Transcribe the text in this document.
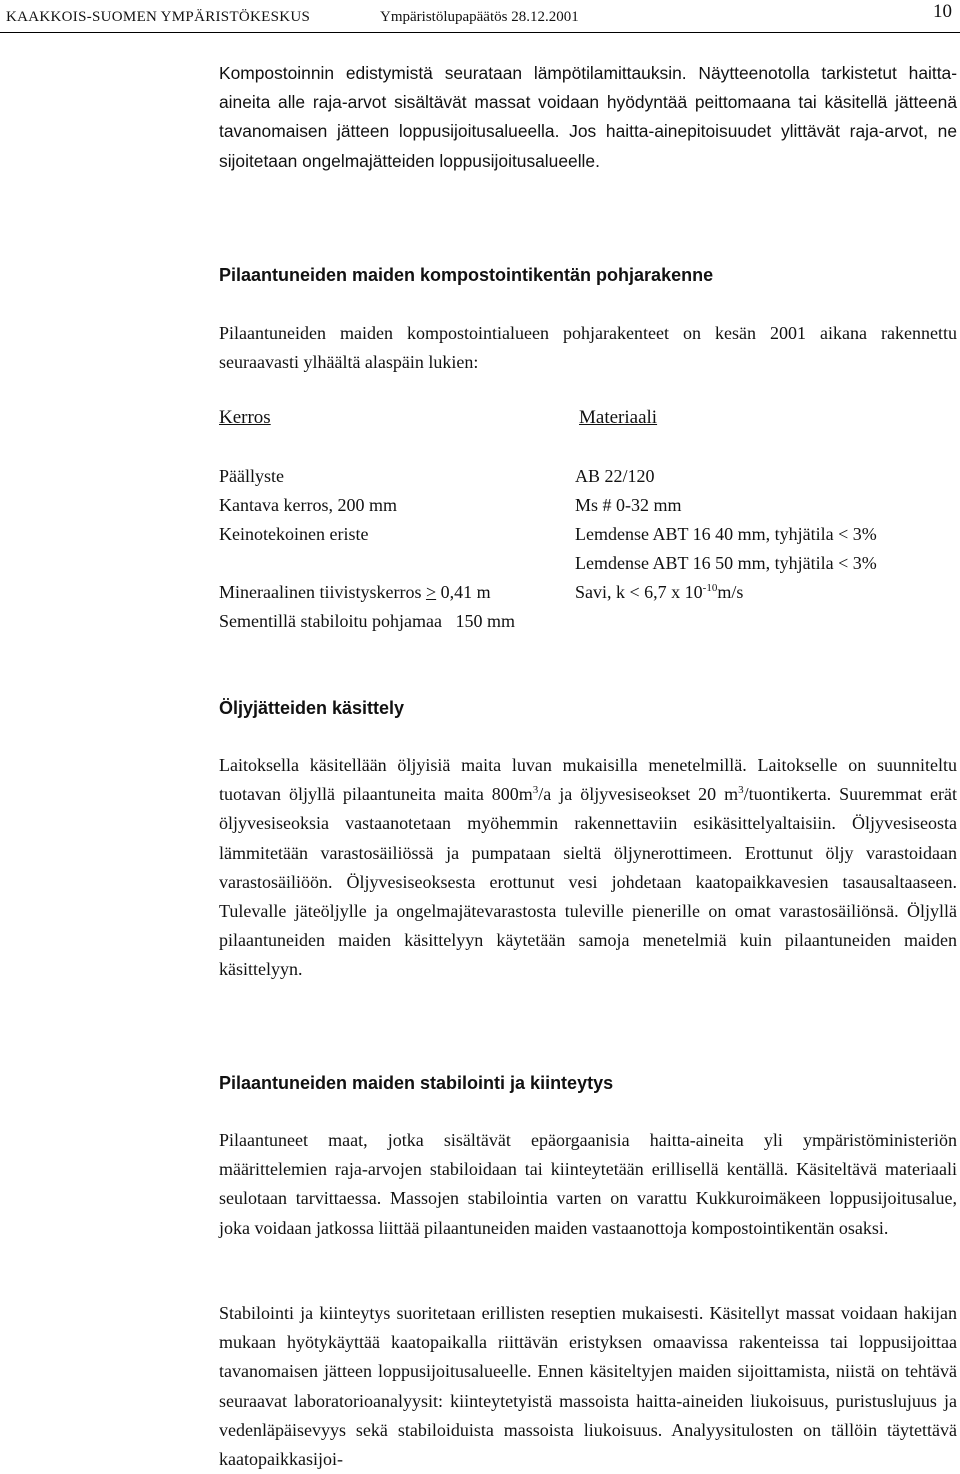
KAAKKOIS-SUOMEN YMPÄRISTÖKESKUS	Ympäristölupapäätös 28.12.2001	10

Kompostoinnin edistymistä seurataan lämpötilamittauksin. Näytteenotolla tarkistetut haitta-aineita alle raja-arvot sisältävät massat voidaan hyödyntää peittomaana tai käsitellä jätteenä tavanomaisen jätteen loppusijoitusalueella. Jos haitta-ainepitoisuudet ylittävät raja-arvot, ne sijoitetaan ongelmajätteiden loppusijoitusalueelle.

Pilaantuneiden maiden kompostointikentän pohjarakenne

Pilaantuneiden maiden kompostointialueen pohjarakenteet on kesän 2001 aikana rakennettu seuraavasti ylhäältä alaspäin lukien:

Kerros	Materiaali
Päällyste	AB 22/120
Kantava kerros, 200 mm	Ms # 0-32 mm
Keinotekoinen eriste	Lemdense ABT 16 40 mm, tyhjätila < 3%
Lemdense ABT 16 50 mm, tyhjätila < 3%
Mineraalinen tiivistyskerros ≥ 0,41 m	Savi, k < 6,7 x $10^{-10}m/s$
Sementillä stabiloitu pohjamaa   150 mm

Öljyjätteiden käsittely

Laitoksella käsitellään öljyisiä maita luvan mukaisilla menetelmillä. Laitokselle on suunniteltu tuotavan öljyllä pilaantuneita maita $800m^3/a$ ja öljyvesiseokset 20 $m^3$/tuontikerta. Suuremmat erät öljyvesiseoksia vastaanotetaan myöhemmin rakennettaviin esikäsittelyaltaisiin. Öljyvesiseosta lämmitetään varastosäiliössä ja pumpataan sieltä öljynerottimeen. Erottunut öljy varastoidaan varastosäiliöön. Öljyvesiseoksesta erottunut vesi johdetaan kaatopaikkavesien tasausaltaaseen. Tulevalle jäteöljylle ja ongelmajätevarastosta tuleville pienerille on omat varastosäiliönsä. Öljyllä pilaantuneiden maiden käsittelyyn käytetään samoja menetelmiä kuin pilaantuneiden maiden käsittelyyn.

Pilaantuneiden maiden stabilointi ja kiinteytys

Pilaantuneet maat, jotka sisältävät epäorgaanisia haitta-aineita yli ympäristöministeriön määrittelemien raja-arvojen stabiloidaan tai kiinteytetään erillisellä kentällä. Käsiteltävä materiaali seulotaan tarvittaessa. Massojen stabilointia varten on varattu Kukkuroimäkeen loppusijoitusalue, joka voidaan jatkossa liittää pilaantuneiden maiden vastaanottoja kompostointikentän osaksi.

Stabilointi ja kiinteytys suoritetaan erillisten reseptien mukaisesti. Käsitellyt massat voidaan hakijan mukaan hyötykäyttää kaatopaikalla riittävän eristyksen omaavissa rakenteissa tai loppusijoittaa tavanomaisen jätteen loppusijoitusalueelle. Ennen käsiteltyjen maiden sijoittamista, niistä on tehtävä seuraavat laboratorioanalyysit: kiinteytetyistä massoista haitta-aineiden liukoisuus, puristuslujuus ja vedenläpäisevyys sekä stabiloiduista massoista liukoisuus. Analyysitulosten on tällöin täytettävä kaatopaikkasijoi-
